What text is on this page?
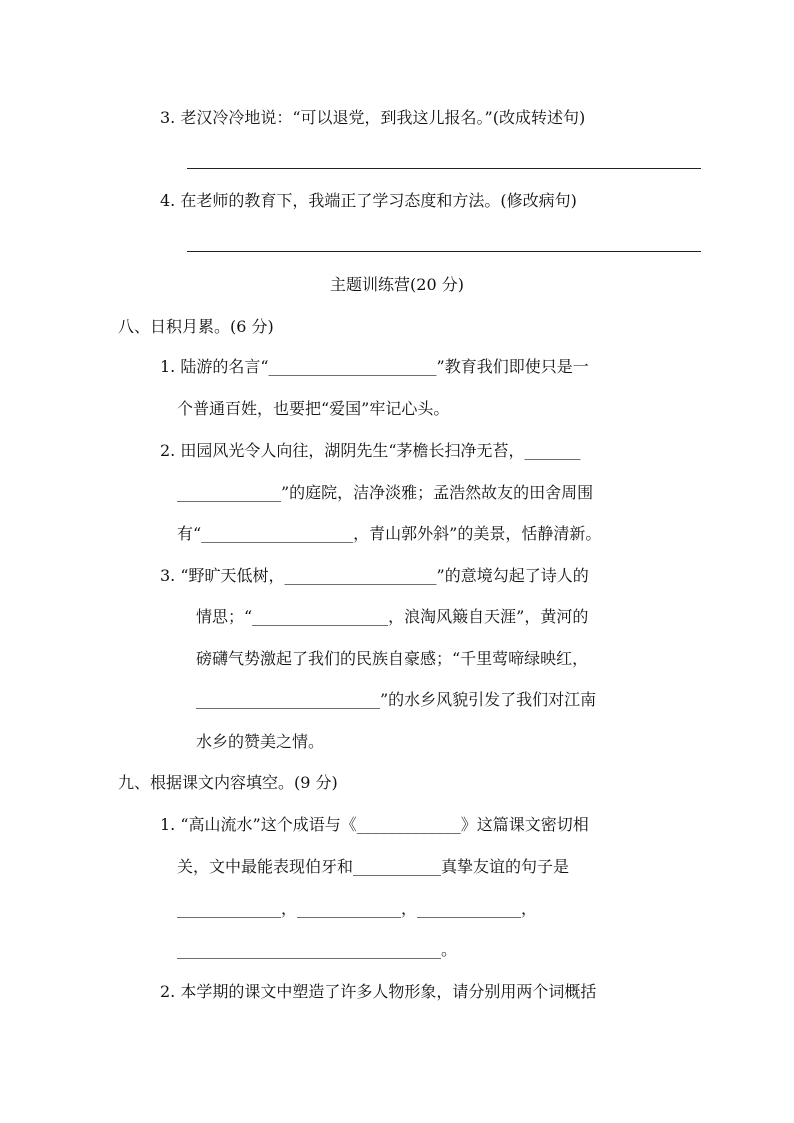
3. 老汉冷冷地说：“可以退党，到我这儿报名。”(改成转述句)
4. 在老师的教育下，我端正了学习态度和方法。(修改病句)
主题训练营(20 分)
八、日积月累。(6 分)
1. 陆游的名言“_____________________”教育我们即使只是一
个普通百姓，也要把“爱国”牢记心头。
2. 田园风光令人向往，湖阴先生“茅檐长扫净无苔，_______
_____________”的庭院，洁净淡雅；孟浩然故友的田舍周围
有“___________________，青山郭外斜”的美景，恬静清新。
3. “野旷天低树，___________________”的意境勾起了诗人的
情思；“_________________，浪淘风簸自天涯”，黄河的
磅礴气势激起了我们的民族自豪感；“千里莺啼绿映红，
_______________________”的水乡风貌引发了我们对江南
水乡的赞美之情。
九、根据课文内容填空。(9 分)
1. “高山流水”这个成语与《_____________》这篇课文密切相
关，文中最能表现伯牙和___________真挚友谊的句子是
_____________，_____________，_____________，
_________________________________。
2. 本学期的课文中塑造了许多人物形象，请分别用两个词概括
